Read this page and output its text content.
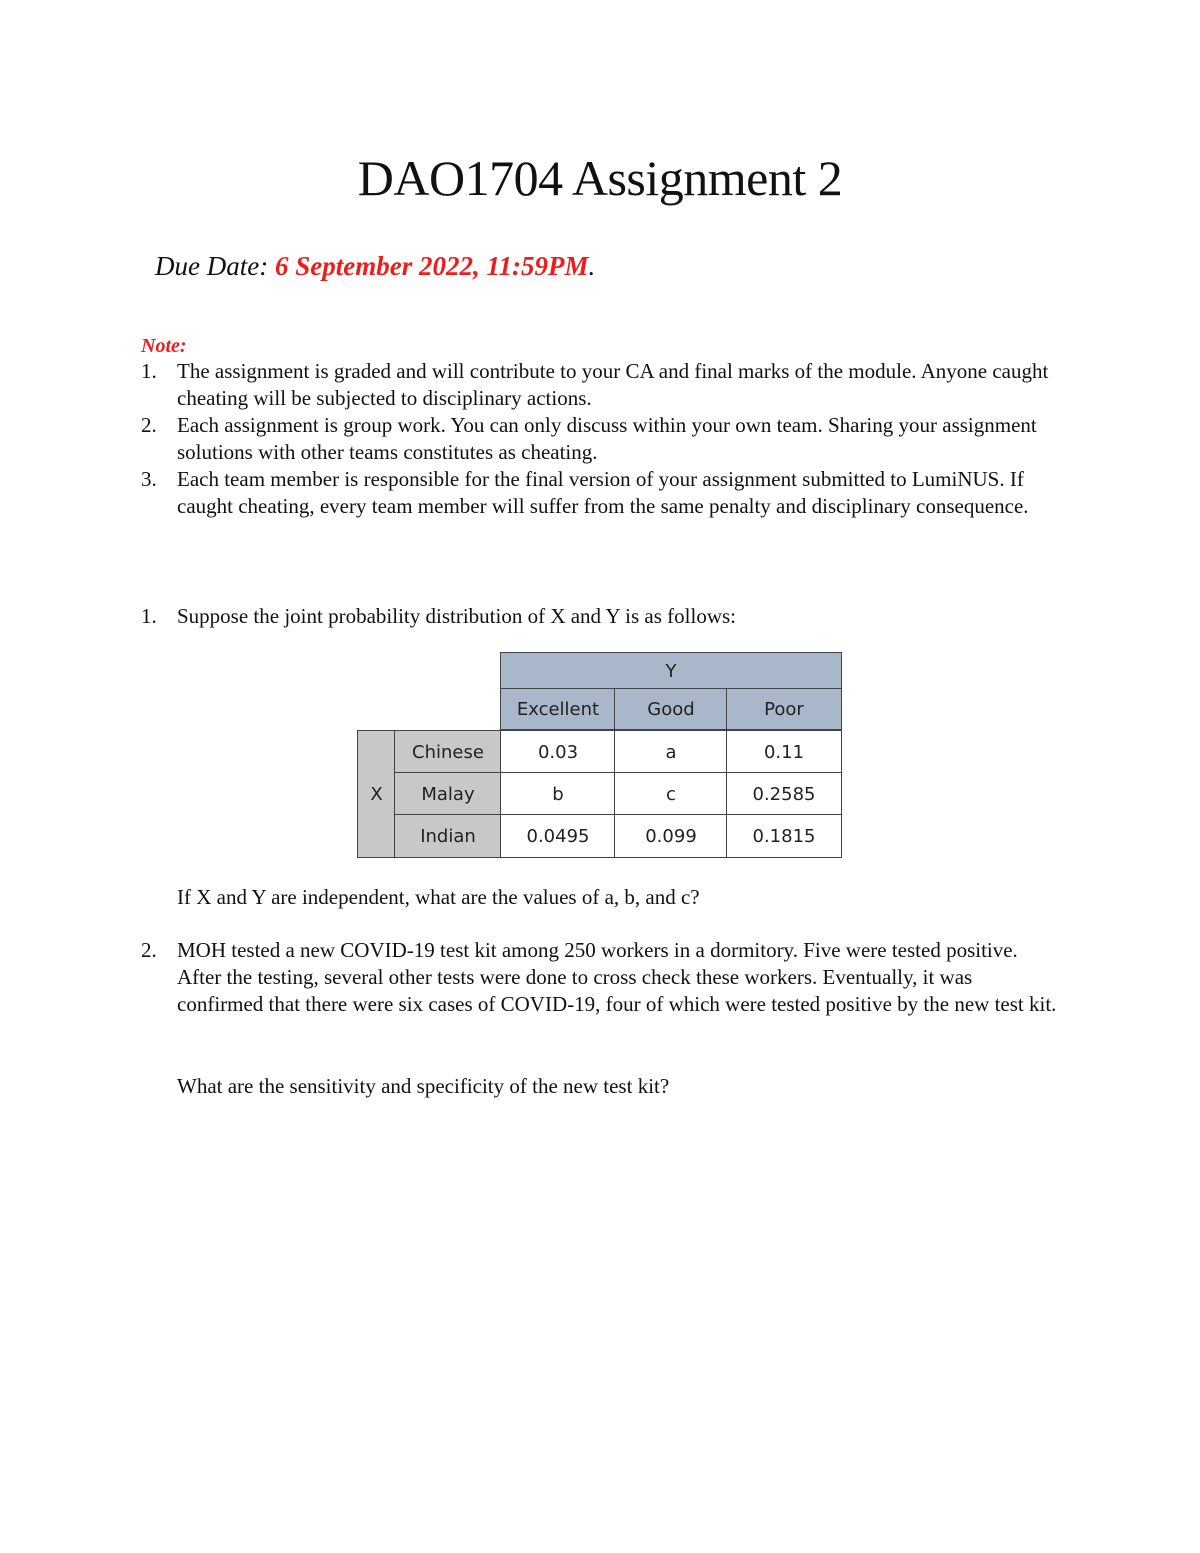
DAO1704 Assignment 2
Due Date: 6 September 2022, 11:59PM.
Note:

1. The assignment is graded and will contribute to your CA and final marks of the module. Anyone caught cheating will be subjected to disciplinary actions.

2. Each assignment is group work. You can only discuss within your own team. Sharing your assignment solutions with other teams constitutes as cheating.

3. Each team member is responsible for the final version of your assignment submitted to LumiNUS. If caught cheating, every team member will suffer from the same penalty and disciplinary consequence.

1. Suppose the joint probability distribution of X and Y is as follows:

Y
Excellent	Good	Poor
X
Chinese	0.03	a	0.11
Malay	b	c	0.2585
Indian	0.0495	0.099	0.1815
If X and Y are independent, what are the values of a, b, and c?

2. MOH tested a new COVID-19 test kit among 250 workers in a dormitory. Five were tested positive. After the testing, several other tests were done to cross check these workers. Eventually, it was confirmed that there were six cases of COVID-19, four of which were tested positive by the new test kit.

What are the sensitivity and specificity of the new test kit?
